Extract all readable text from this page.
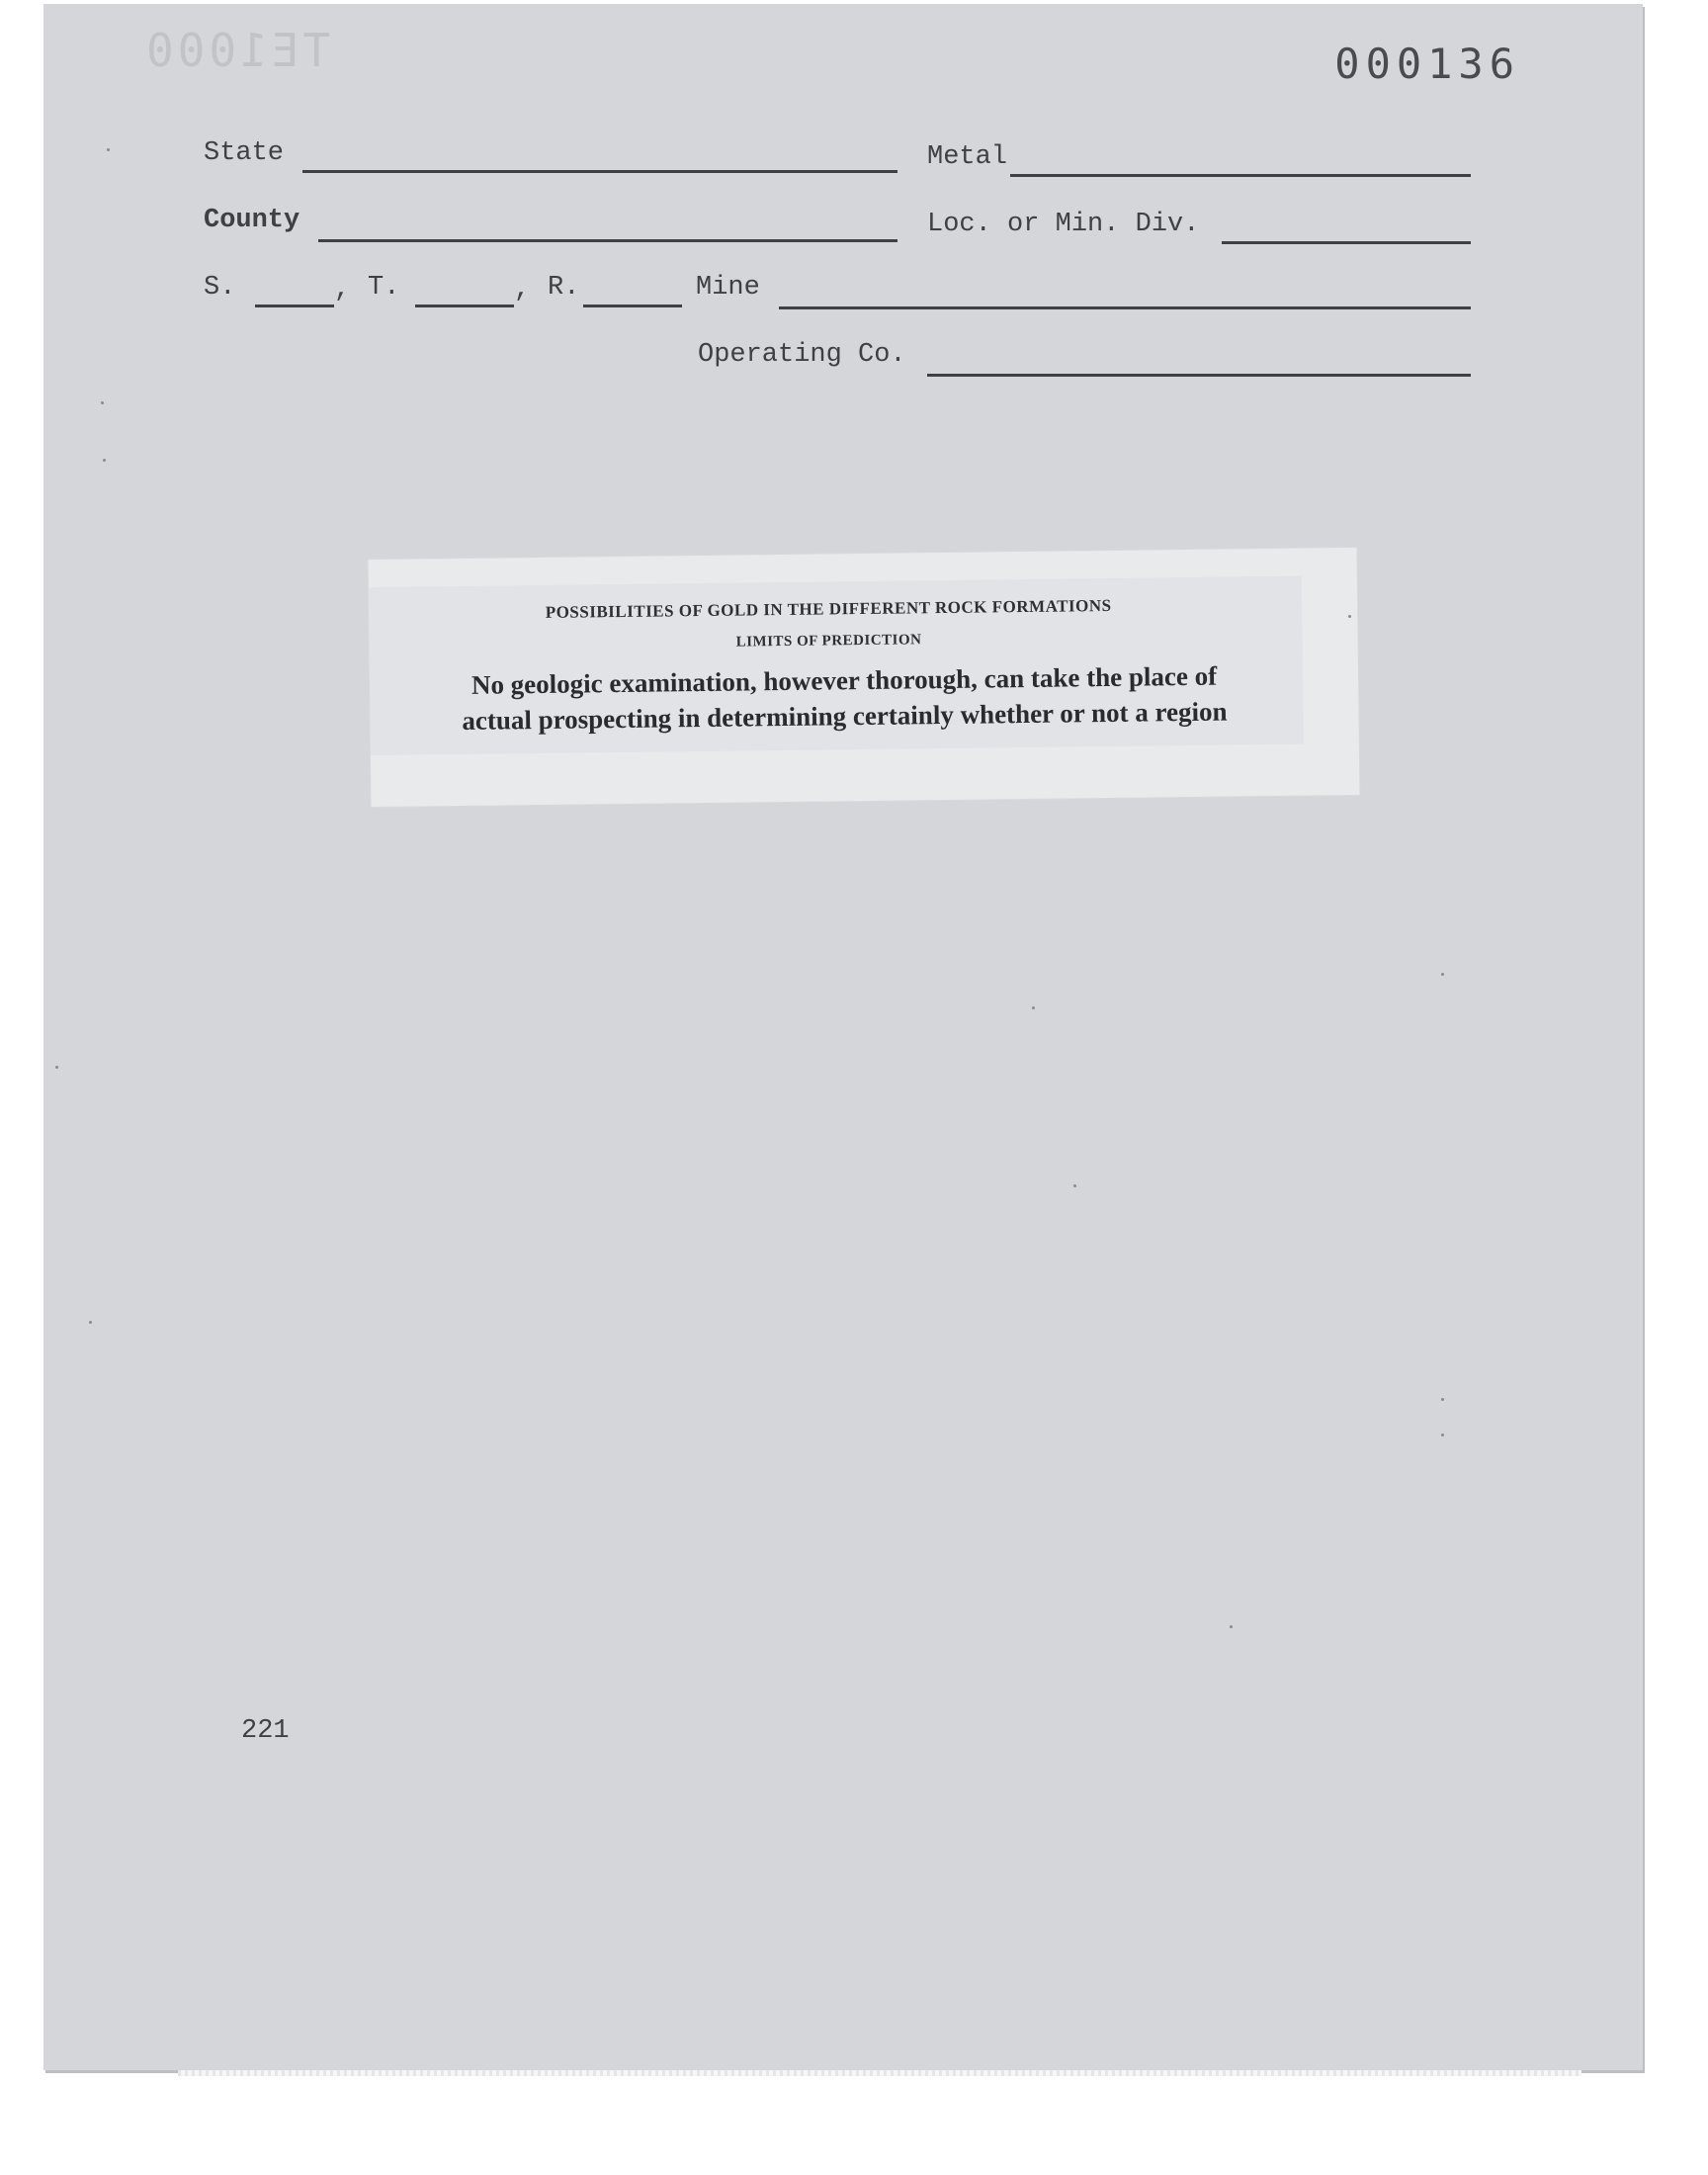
TE1000	000136
State	Metal
County	Loc. or Min. Div.
S.	, T.	, R.	Mine
Operating Co.
POSSIBILITIES OF GOLD IN THE DIFFERENT ROCK FORMATIONS
LIMITS OF PREDICTION
No geologic examination, however thorough, can take the place of
actual prospecting in determining certainly whether or not a region
221
